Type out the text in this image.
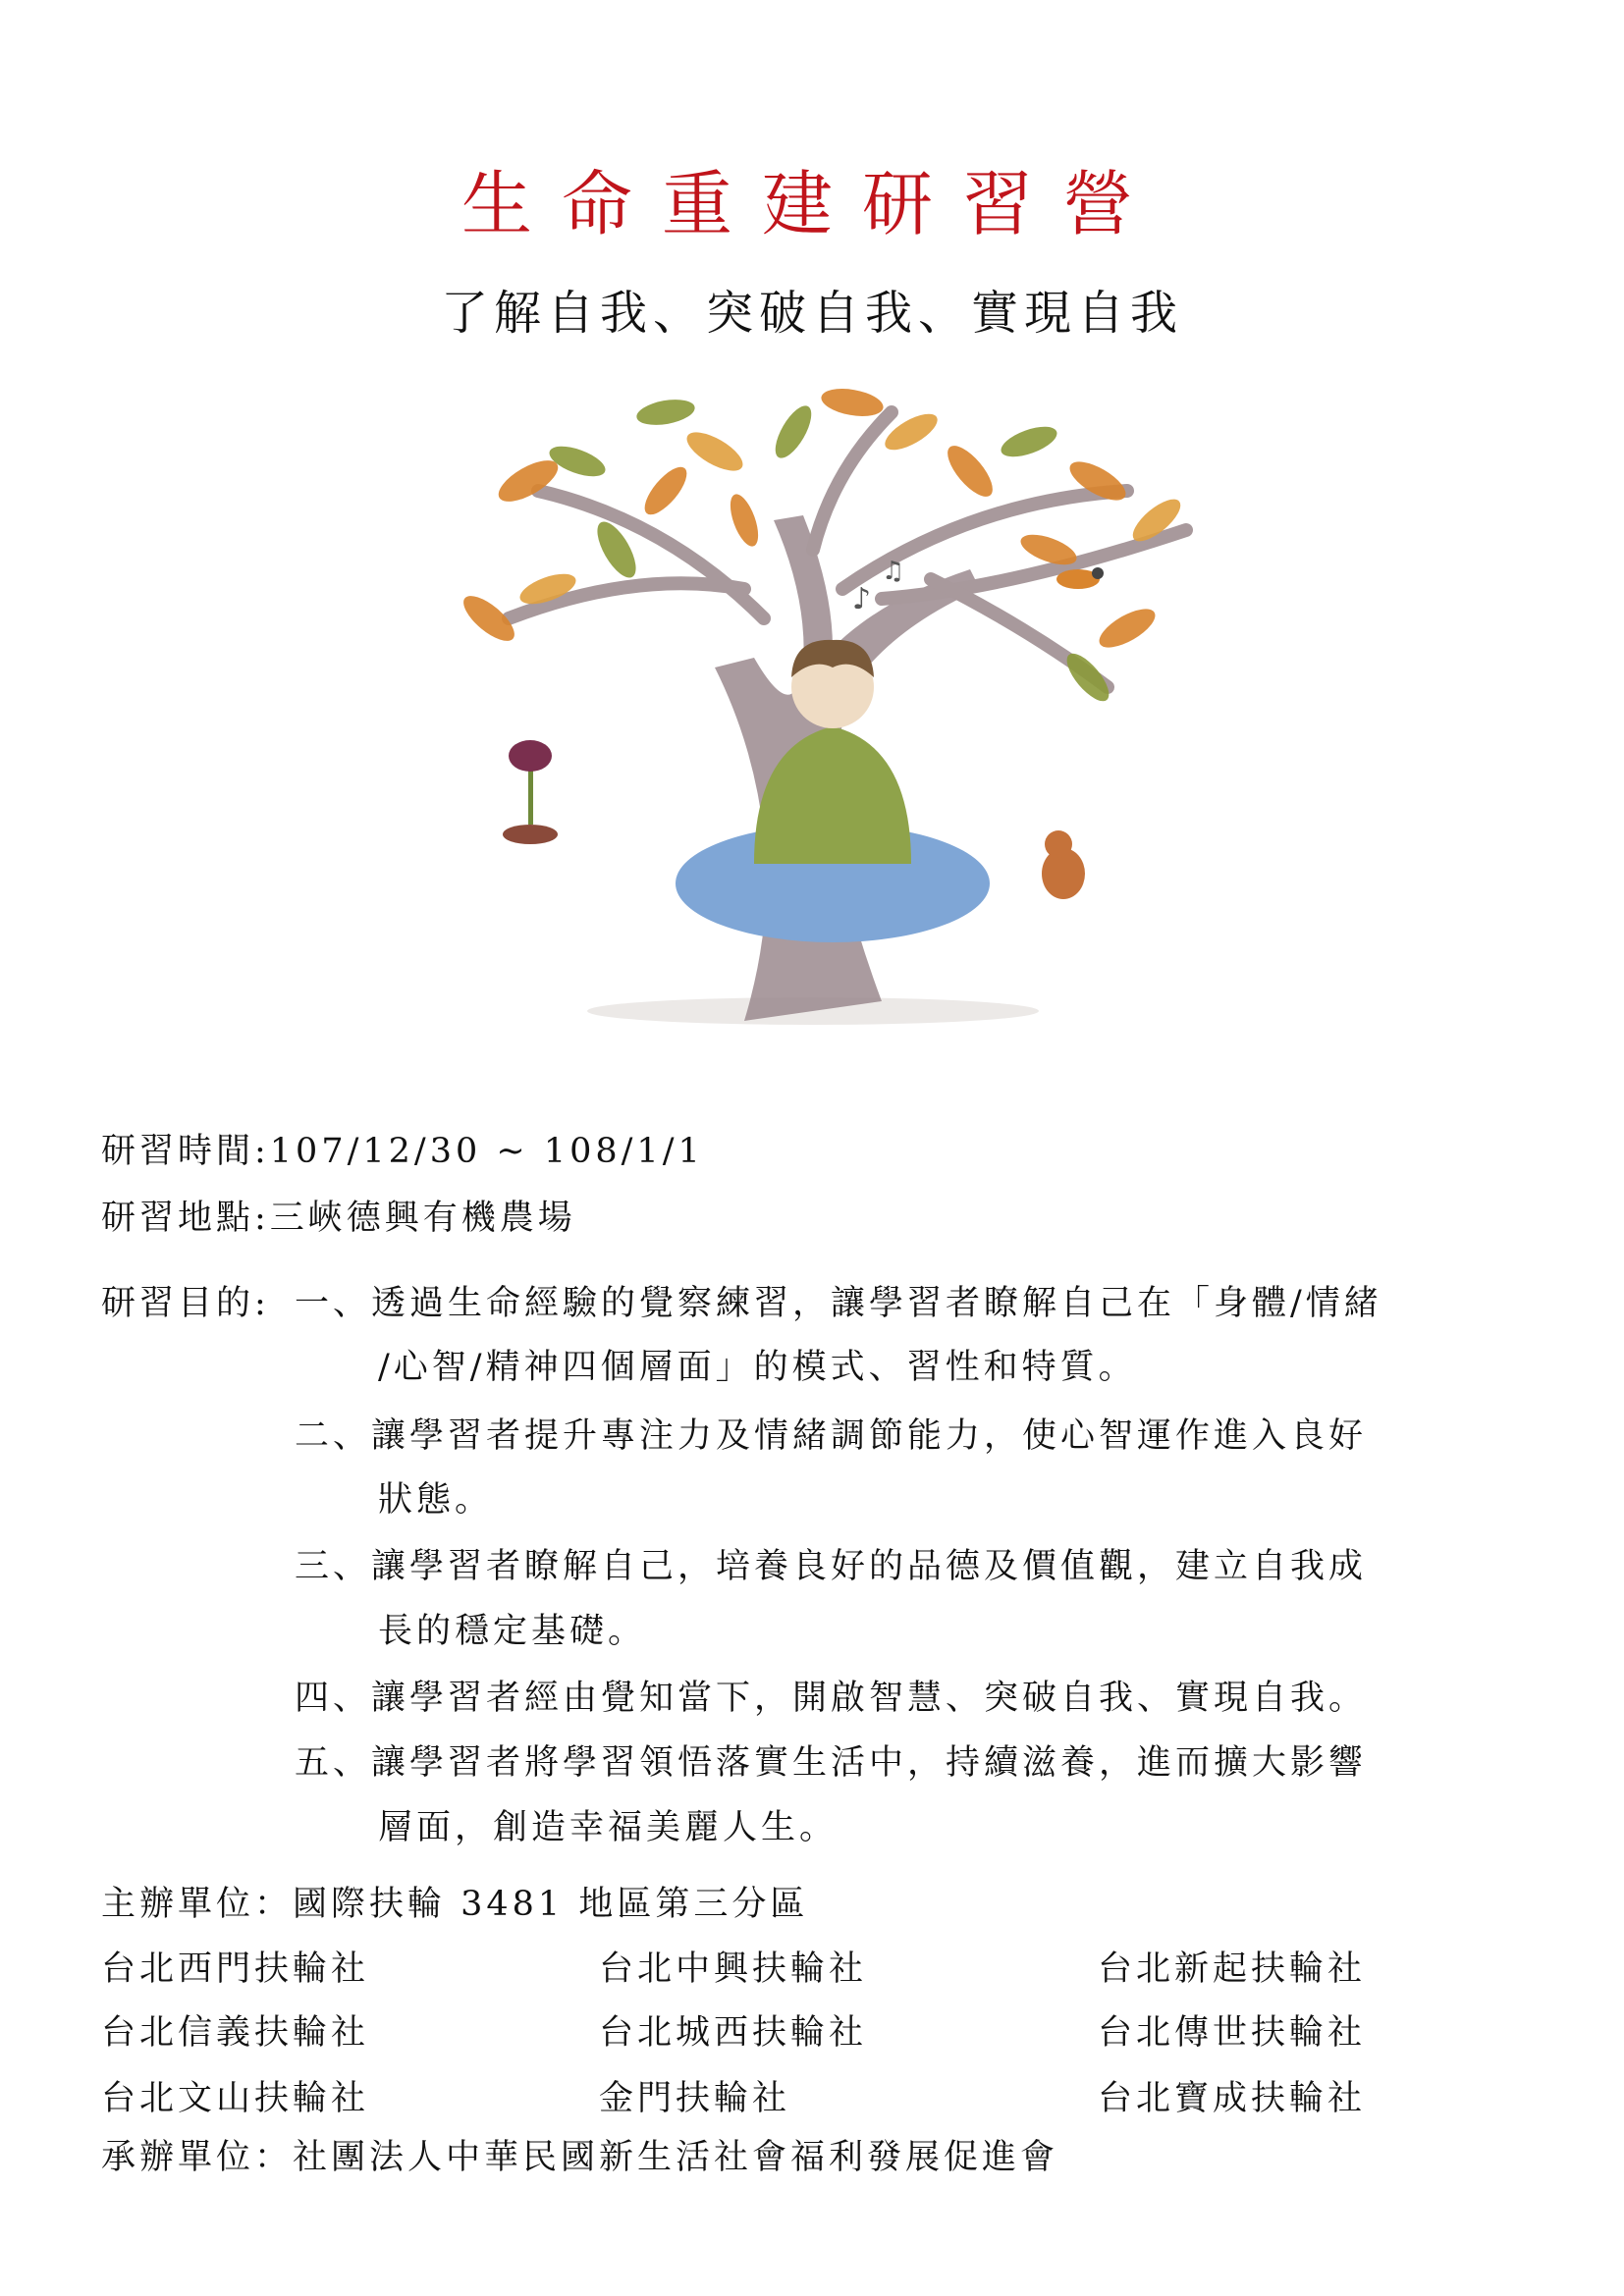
生命重建研習營
了解自我、突破自我、實現自我
♪
♫
研習時間:107/12/30 ~ 108/1/1
研習地點:三峽德興有機農場
研習目的: 一、透過生命經驗的覺察練習，讓學習者瞭解自己在「身體/情緒
/心智/精神四個層面」的模式、習性和特質。
二、讓學習者提升專注力及情緒調節能力，使心智運作進入良好
狀態。
三、讓學習者瞭解自己，培養良好的品德及價值觀，建立自我成
長的穩定基礎。
四、讓學習者經由覺知當下，開啟智慧、突破自我、實現自我。
五、讓學習者將學習領悟落實生活中，持續滋養，進而擴大影響
層面，創造幸福美麗人生。
主辦單位：國際扶輪 3481 地區第三分區
台北西門扶輪社	台北中興扶輪社	台北新起扶輪社
台北信義扶輪社	台北城西扶輪社	台北傳世扶輪社
台北文山扶輪社	金門扶輪社	台北寶成扶輪社
承辦單位：社團法人中華民國新生活社會福利發展促進會
